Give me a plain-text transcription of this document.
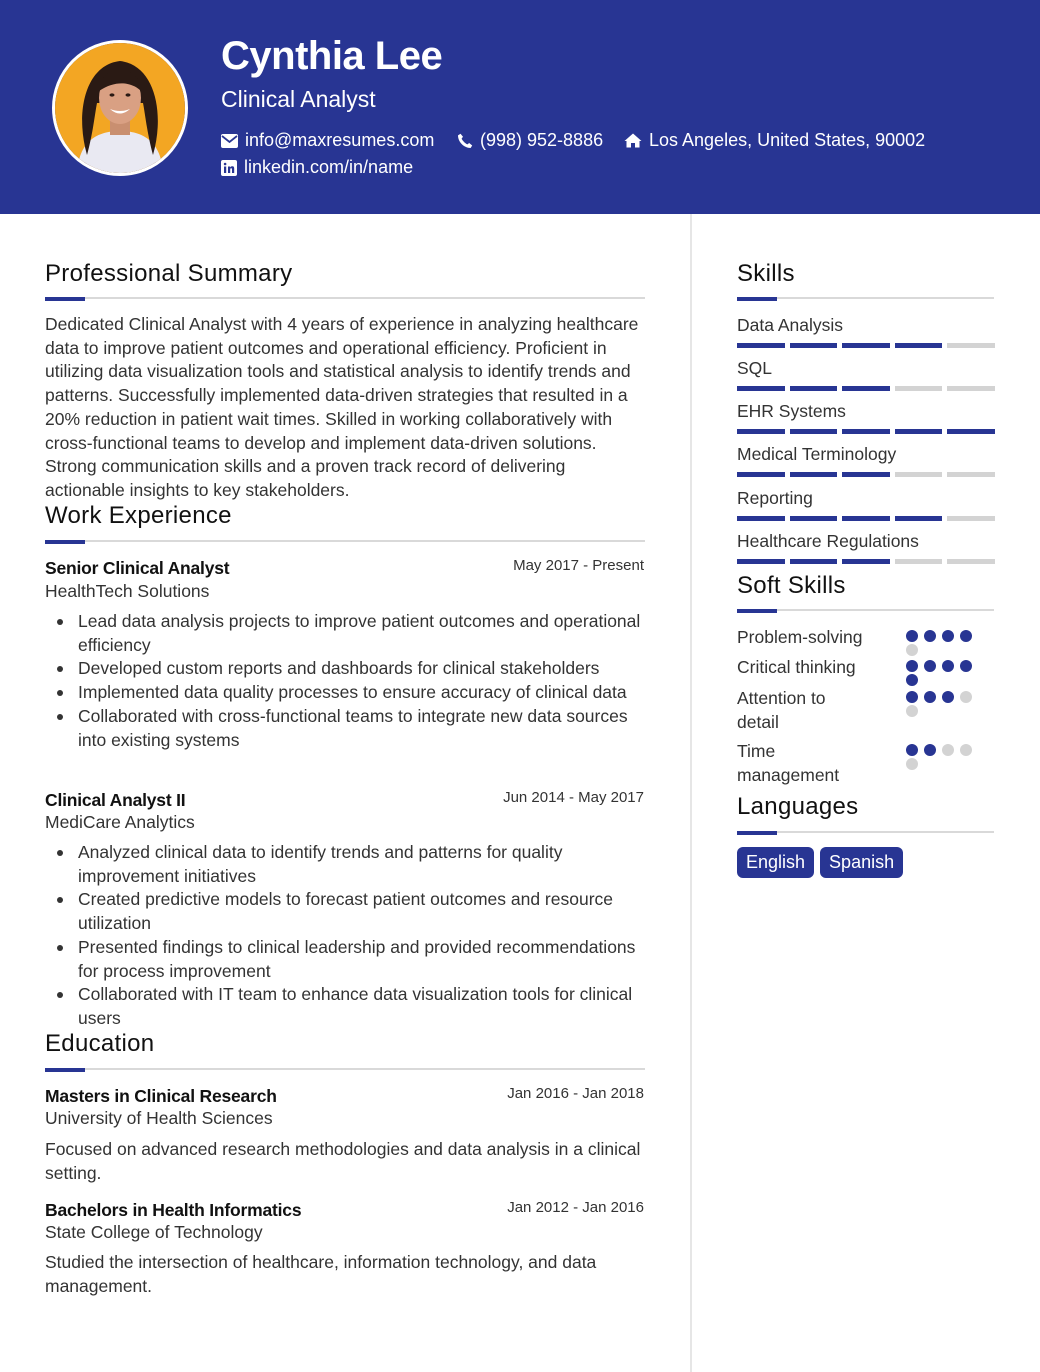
Cynthia Lee
Clinical Analyst
info@maxresumes.com	(998) 952-8886	Los Angeles, United States, 90002
linkedin.com/in/name
Professional Summary
Dedicated Clinical Analyst with 4 years of experience in analyzing healthcare data to improve patient outcomes and operational efficiency. Proficient in utilizing data visualization tools and statistical analysis to identify trends and patterns. Successfully implemented data-driven strategies that resulted in a 20% reduction in patient wait times. Skilled in working collaboratively with cross-functional teams to develop and implement data-driven solutions. Strong communication skills and a proven track record of delivering actionable insights to key stakeholders.
Work Experience
Senior Clinical Analyst	May 2017 - Present
HealthTech Solutions
Lead data analysis projects to improve patient outcomes and operational efficiency
Developed custom reports and dashboards for clinical stakeholders
Implemented data quality processes to ensure accuracy of clinical data
Collaborated with cross-functional teams to integrate new data sources into existing systems
Clinical Analyst II	Jun 2014 - May 2017
MediCare Analytics
Analyzed clinical data to identify trends and patterns for quality improvement initiatives
Created predictive models to forecast patient outcomes and resource utilization
Presented findings to clinical leadership and provided recommendations for process improvement
Collaborated with IT team to enhance data visualization tools for clinical users
Education
Masters in Clinical Research	Jan 2016 - Jan 2018
University of Health Sciences
Focused on advanced research methodologies and data analysis in a clinical setting.
Bachelors in Health Informatics	Jan 2012 - Jan 2016
State College of Technology
Studied the intersection of healthcare, information technology, and data management.
Skills
Data Analysis
SQL
EHR Systems
Medical Terminology
Reporting
Healthcare Regulations
Soft Skills
Problem-solving
Critical thinking
Attention to detail
Time management
Languages
English	Spanish
